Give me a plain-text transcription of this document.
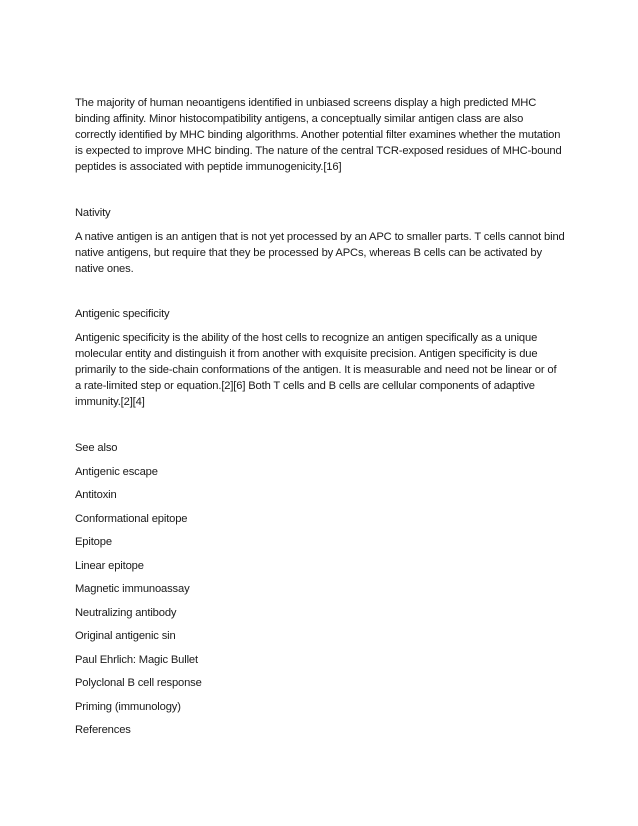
The majority of human neoantigens identified in unbiased screens display a high predicted MHC binding affinity. Minor histocompatibility antigens, a conceptually similar antigen class are also correctly identified by MHC binding algorithms. Another potential filter examines whether the mutation is expected to improve MHC binding. The nature of the central TCR-exposed residues of MHC-bound peptides is associated with peptide immunogenicity.[16]

Nativity

A native antigen is an antigen that is not yet processed by an APC to smaller parts. T cells cannot bind native antigens, but require that they be processed by APCs, whereas B cells can be activated by native ones.

Antigenic specificity

Antigenic specificity is the ability of the host cells to recognize an antigen specifically as a unique molecular entity and distinguish it from another with exquisite precision. Antigen specificity is due primarily to the side-chain conformations of the antigen. It is measurable and need not be linear or of a rate-limited step or equation.[2][6] Both T cells and B cells are cellular components of adaptive immunity.[2][4]

See also

Antigenic escape
Antitoxin
Conformational epitope
Epitope
Linear epitope
Magnetic immunoassay
Neutralizing antibody
Original antigenic sin
Paul Ehrlich: Magic Bullet
Polyclonal B cell response
Priming (immunology)
References
